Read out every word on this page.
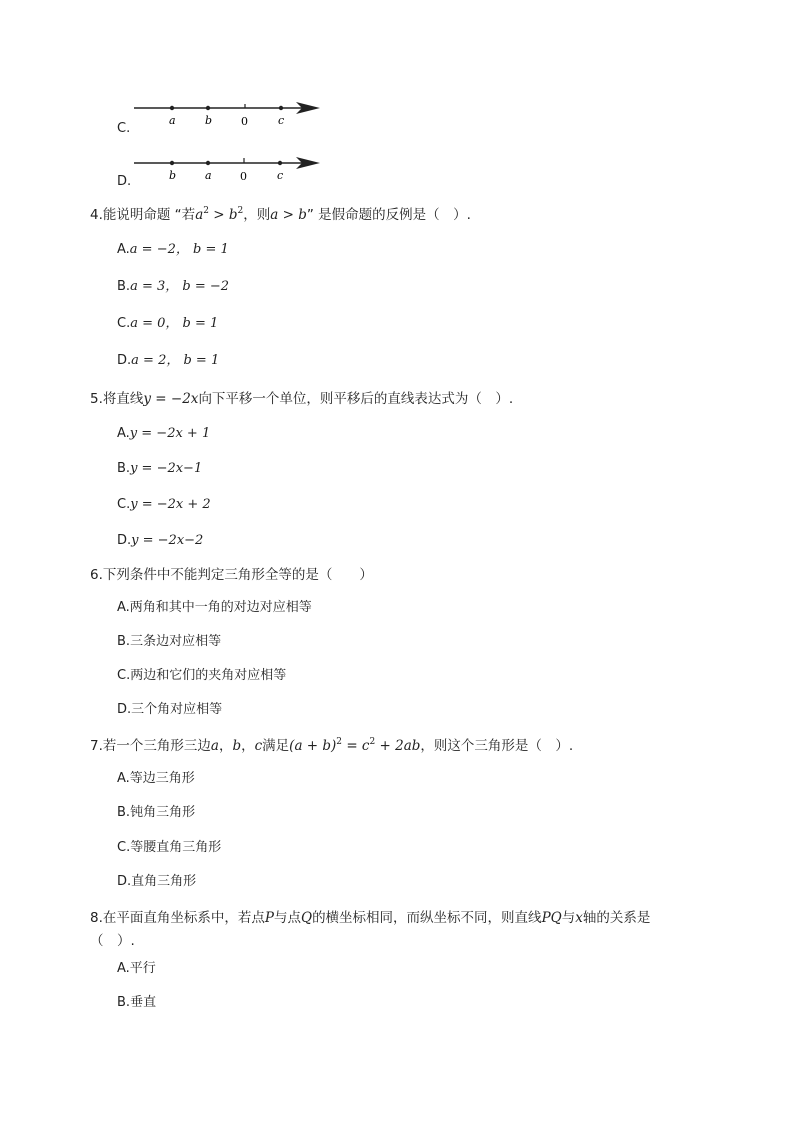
C.
D.
a	b	0	c
b	a	0	c
4.能说明命题 “若$a^2 > b^2$，则a > b” 是假命题的反例是（　）.
A.a = −2， b = 1
B.a = 3， b = −2
C.a = 0， b = 1
D.a = 2， b = 1
5.将直线y = −2x向下平移一个单位，则平移后的直线表达式为（　）.
A.y = −2x + 1
B.y = −2x−1
C.y = −2x + 2
D.y = −2x−2
6.下列条件中不能判定三角形全等的是（　　）
A.两角和其中一角的对边对应相等
B.三条边对应相等
C.两边和它们的夹角对应相等
D.三个角对应相等
7.若一个三角形三边a，b，c满足$(a + b)^2 = c^2 + 2ab$，则这个三角形是（　）.
A.等边三角形
B.钝角三角形
C.等腰直角三角形
D.直角三角形
8.在平面直角坐标系中，若点P与点Q的横坐标相同，而纵坐标不同，则直线PQ与x轴的关系是（　）.
A.平行
B.垂直
